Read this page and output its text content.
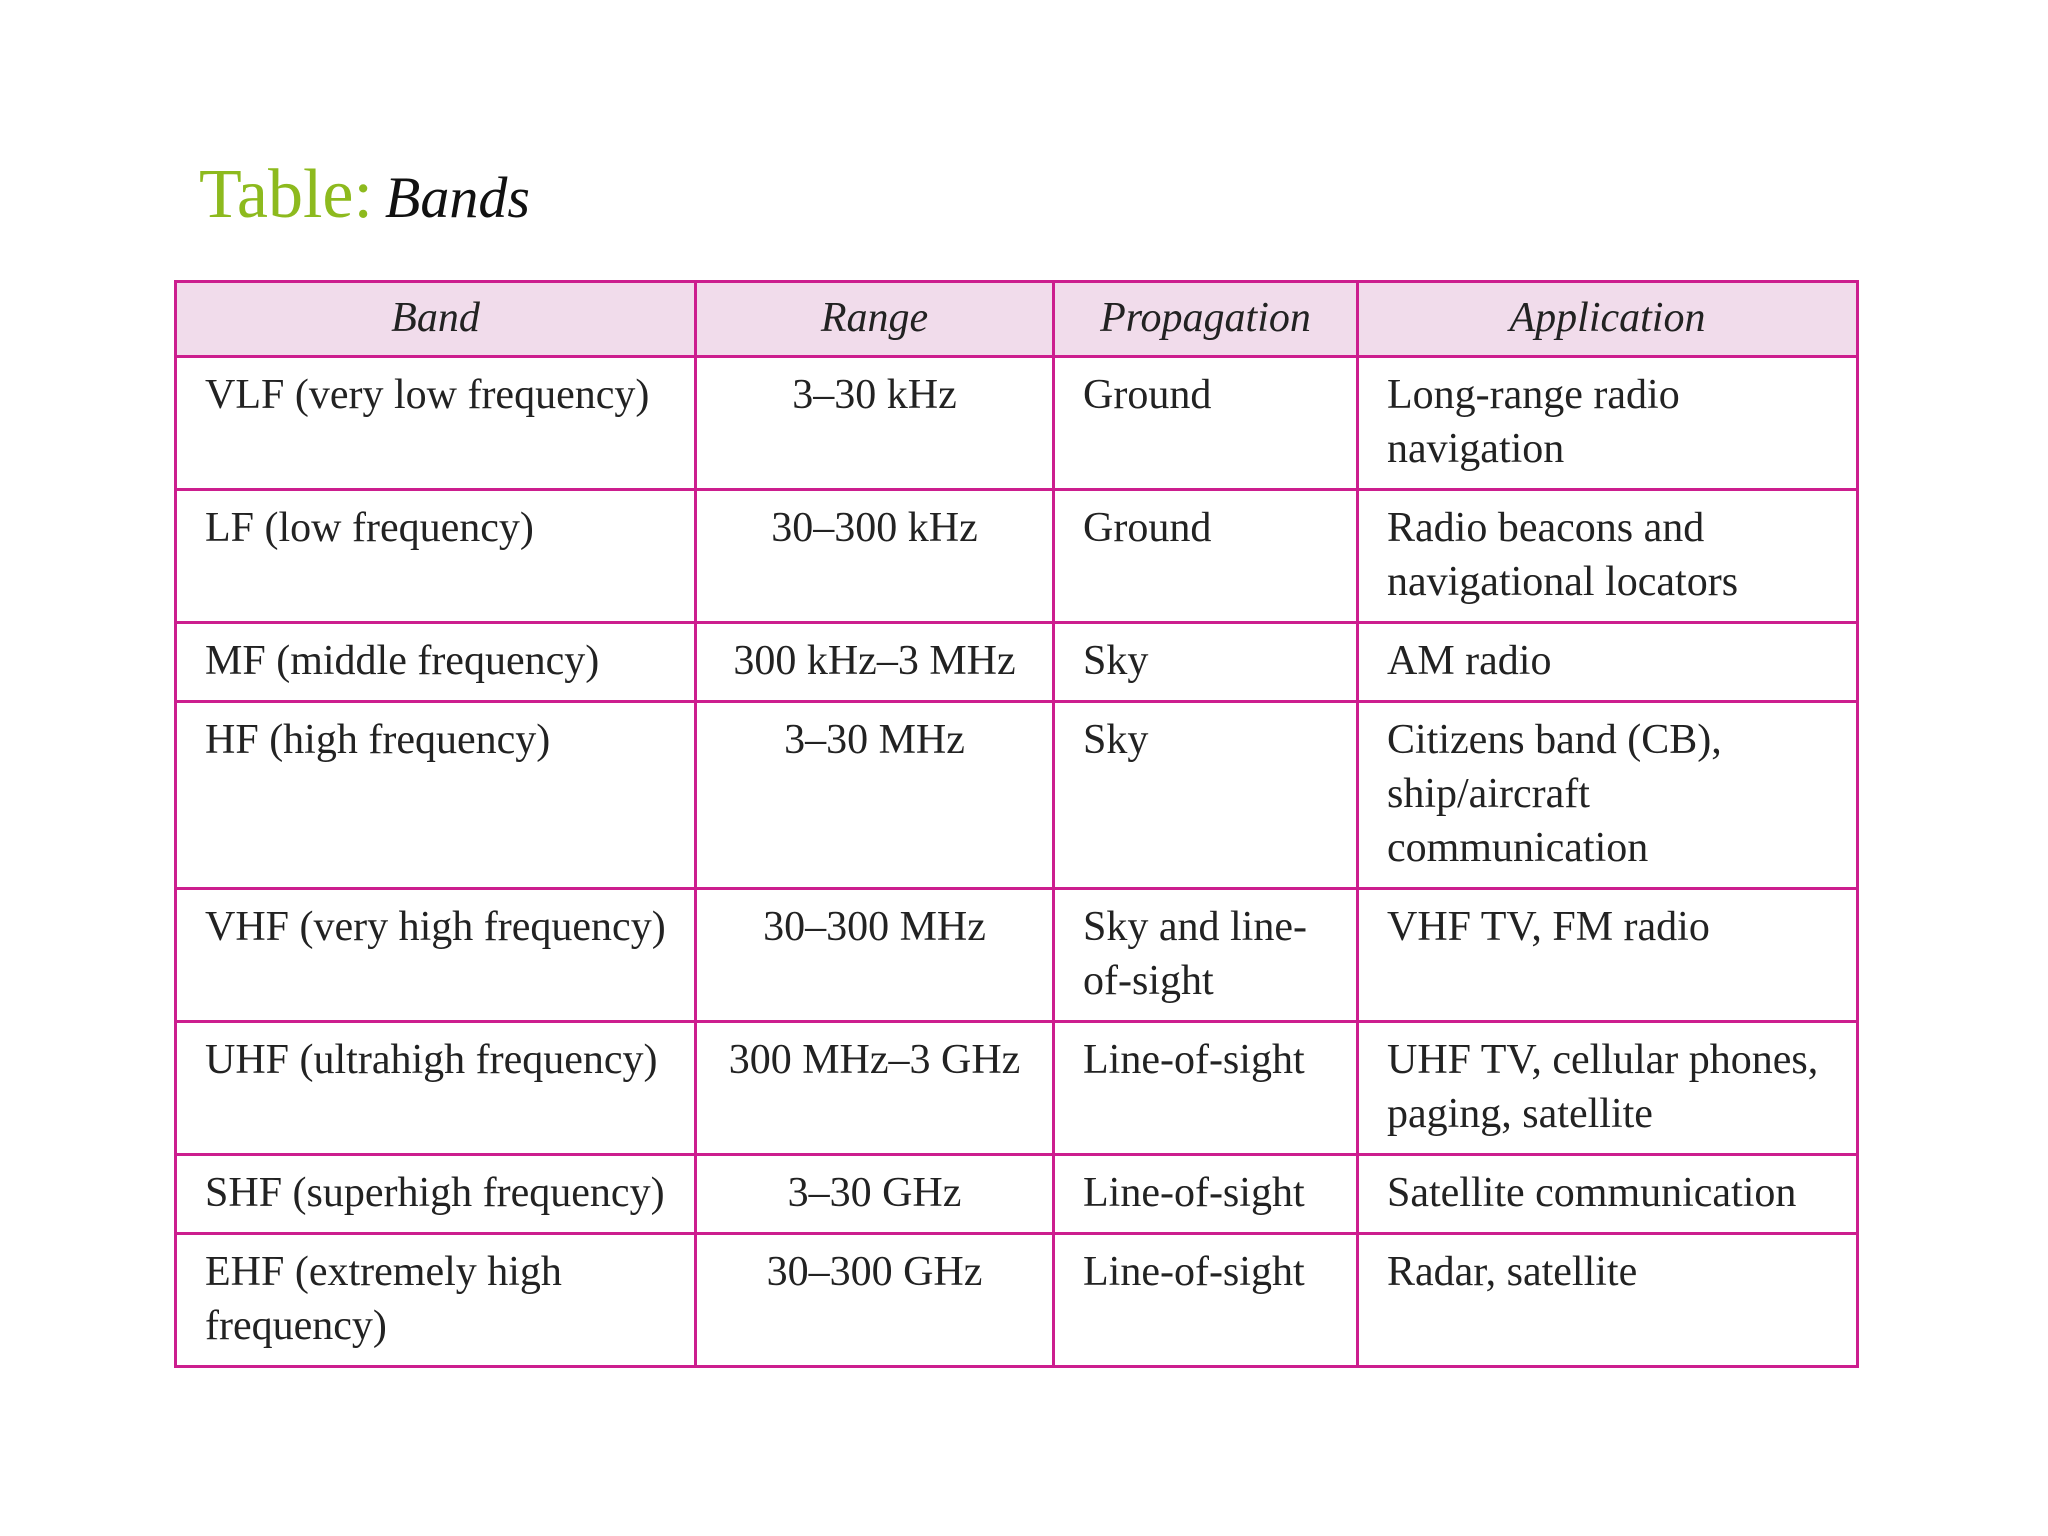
Table: Bands
Band	Range	Propagation	Application
VLF (very low frequency)	3–30 kHz	Ground	Long-range radio navigation
LF (low frequency)	30–300 kHz	Ground	Radio beacons and navigational locators
MF (middle frequency)	300 kHz–3 MHz	Sky	AM radio
HF (high frequency)	3–30 MHz	Sky	Citizens band (CB), ship/aircraft communication
VHF (very high frequency)	30–300 MHz	Sky and line-of-sight	VHF TV, FM radio
UHF (ultrahigh frequency)	300 MHz–3 GHz	Line-of-sight	UHF TV, cellular phones, paging, satellite
SHF (superhigh frequency)	3–30 GHz	Line-of-sight	Satellite communication
EHF (extremely high frequency)	30–300 GHz	Line-of-sight	Radar, satellite
